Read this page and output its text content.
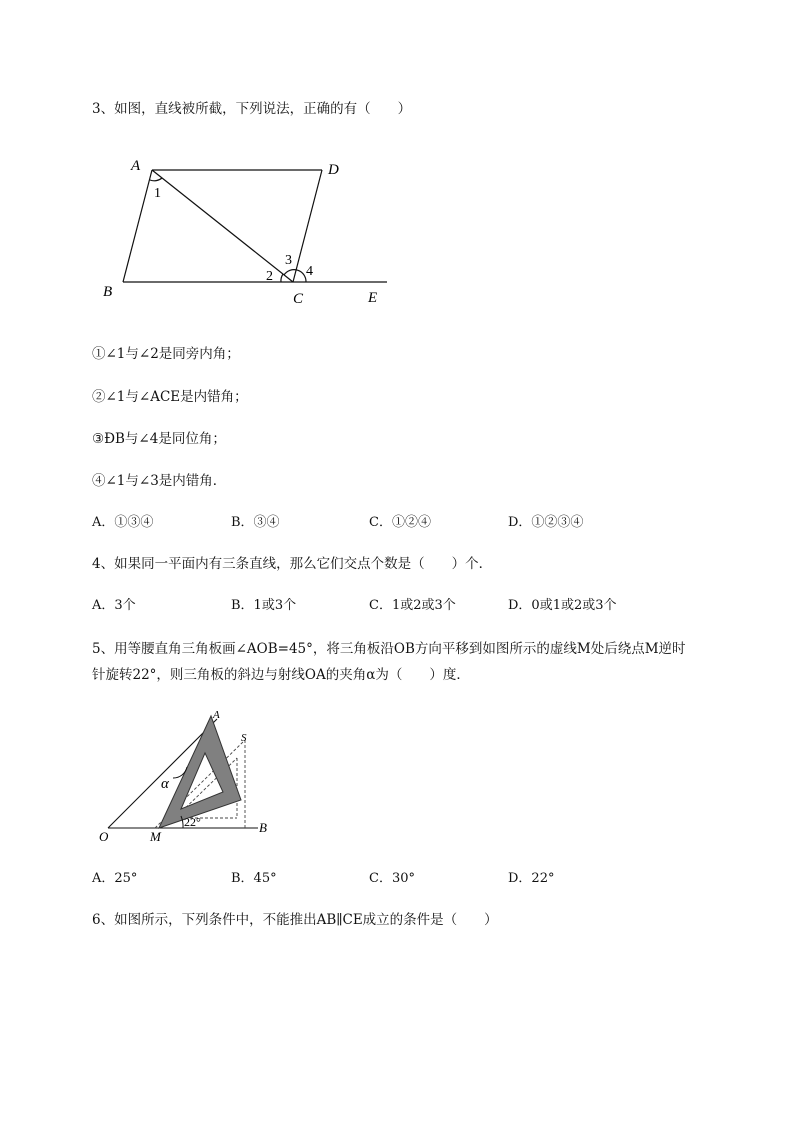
3、如图，直线被所截，下列说法，正确的有（　　）
A	D
B	C	E
1
2
3
4
①∠1与∠2是同旁内角；
②∠1与∠ACE是内错角；
③ÐB与∠4是同位角；
④∠1与∠3是内错角．
A．①③④	B．③④	C．①②④	D．①②③④
4、如果同一平面内有三条直线，那么它们交点个数是（　　）个．
A．3个	B．1或3个	C．1或2或3个	D．0或1或2或3个
5、用等腰直角三角板画∠AOB=45°，将三角板沿OB方向平移到如图所示的虚线M处后绕点M逆时
针旋转22°，则三角板的斜边与射线OA的夹角α为（　　）度．
O	M
B
A
S
α
22°
A．25°	B．45°	C．30°	D．22°
6、如图所示，下列条件中，不能推出AB∥CE成立的条件是（　　）
